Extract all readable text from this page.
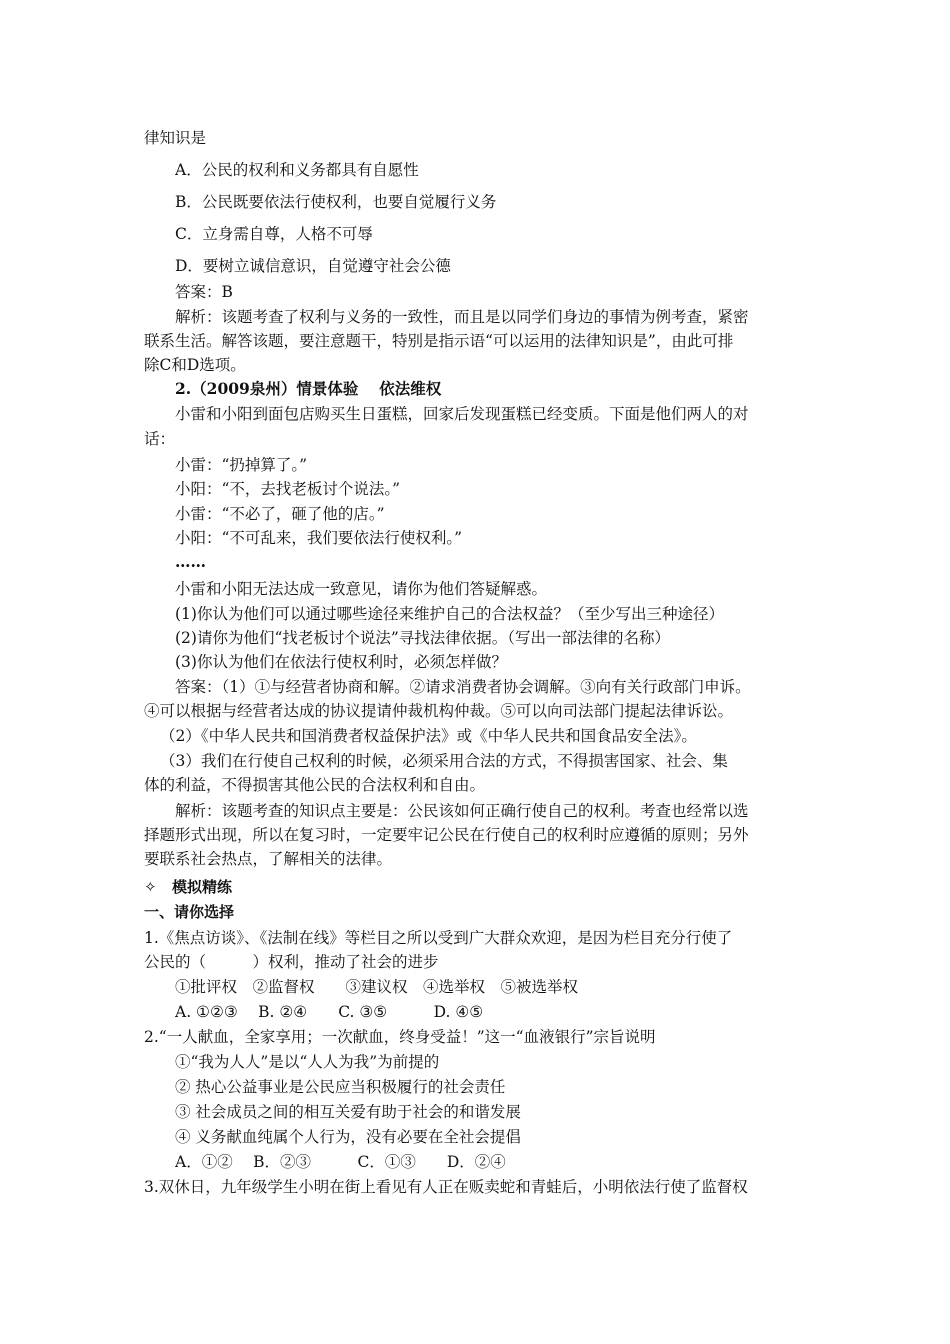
律知识是
A．公民的权利和义务都具有自愿性
B．公民既要依法行使权利，也要自觉履行义务
C．立身需自尊，人格不可辱
D．要树立诚信意识，自觉遵守社会公德
答案：B
解析：该题考查了权利与义务的一致性，而且是以同学们身边的事情为例考查，紧密
联系生活。解答该题，要注意题干，特别是指示语“可以运用的法律知识是”，由此可排
除C和D选项。
2.（2009泉州）情景体验　 依法维权
小雷和小阳到面包店购买生日蛋糕，回家后发现蛋糕已经变质。下面是他们两人的对
话：
小雷：“扔掉算了。”
小阳：“不，去找老板讨个说法。”
小雷：“不必了，砸了他的店。”
小阳：“不可乱来，我们要依法行使权利。”
……
小雷和小阳无法达成一致意见，请你为他们答疑解惑。
(1)你认为他们可以通过哪些途径来维护自己的合法权益？（至少写出三种途径）
(2)请你为他们“找老板讨个说法”寻找法律依据。（写出一部法律的名称）
(3)你认为他们在依法行使权利时，必须怎样做？
答案：（1）①与经营者协商和解。②请求消费者协会调解。③向有关行政部门申诉。
④可以根据与经营者达成的协议提请仲裁机构仲裁。⑤可以向司法部门提起法律诉讼。
（2）《中华人民共和国消费者权益保护法》或《中华人民共和国食品安全法》。
（3）我们在行使自己权利的时候，必须采用合法的方式，不得损害国家、社会、集
体的利益，不得损害其他公民的合法权利和自由。
解析：该题考查的知识点主要是：公民该如何正确行使自己的权利。考查也经常以选
择题形式出现，所以在复习时，一定要牢记公民在行使自己的权利时应遵循的原则；另外
要联系社会热点，了解相关的法律。
✧ 模拟精练
一、请你选择
1.《焦点访谈》、《法制在线》等栏目之所以受到广大群众欢迎，是因为栏目充分行使了
公民的（　　　）权利，推动了社会的进步
①批评权　②监督权　　③建议权　④选举权　⑤被选举权
A. ①②③　 B. ②④　　C. ③⑤　　　D. ④⑤
2.“一人献血，全家享用；一次献血，终身受益！”这一“血液银行”宗旨说明
①“我为人人”是以“人人为我”为前提的
② 热心公益事业是公民应当积极履行的社会责任
③ 社会成员之间的相互关爱有助于社会的和谐发展
④ 义务献血纯属个人行为，没有必要在全社会提倡
A．①②　 B．②③　　　C．①③　　D．②④
3.双休日，九年级学生小明在街上看见有人正在贩卖蛇和青蛙后，小明依法行使了监督权
